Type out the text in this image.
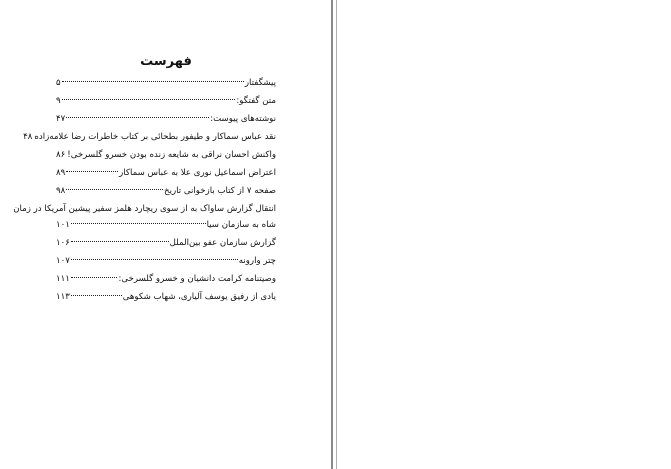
فهرست
پیشگفتار
۵
متن گفتگو:
۹
نوشته‌های پیوست:
۴۷
نقد عباس سماکار و طیفور بطحائی بر کتاب خاطرات رضا علامه‌زاده
۴۸
واکنش احسان نراقی به شایعه زنده بودن خسرو گلسرخی!
۸۶
اعتراض اسماعیل نوری علا به عباس سماکار
۸۹
صفحه ۷ از کتاب بازخوانی تاریخ
۹۸
انتقال گزارش ساواک به از سوی ریچارد هلمز سفیر پیشین آمریکا در زمان
شاه به سازمان سیا
۱۰۱
گزارش سازمان عفو بین‌الملل
۱۰۶
چتر وارونه
۱۰۷
وصیتنامه کرامت دانشیان و خسرو گلسرخی:
۱۱۱
یادی از رفیق یوسف آلیاری، شهاب شکوهی
۱۱۳
